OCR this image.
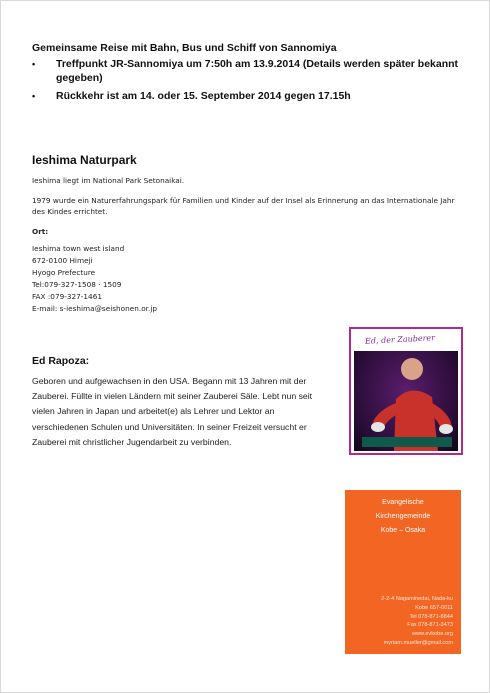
Gemeinsame Reise mit Bahn, Bus und Schiff von Sannomiya
• Treffpunkt JR-Sannomiya um 7:50h am 13.9.2014 (Details werden später bekannt gegeben)
• Rückkehr ist am 14. oder 15. September 2014 gegen 17.15h
Ieshima Naturpark
Ieshima liegt im National Park Setonaikai.
1979 wurde ein Naturerfahrungspark für Familien und Kinder auf der Insel als Erinnerung an das Internationale Jahr des Kindes errichtet.
Ort:
Ieshima town west island
672-0100 Himeji
Hyogo Prefecture
Tel:079-327-1508 · 1509
FAX :079-327-1461
E-mail: s-ieshima@seishonen.or.jp
Ed Rapoza:
Geboren und aufgewachsen in den USA. Begann mit 13 Jahren mit der Zauberei. Füllte in vielen Ländern mit seiner Zauberei Säle. Lebt nun seit vielen Jahren in Japan und arbeitet(e) als Lehrer und Lektor an verschiedenen Schulen und Universitäten. In seiner Freizeit versucht er Zauberei mit christlicher Jugendarbeit zu verbinden.
Ed, der Zauberer
Evangelische
Kirchengemeinde
Kobe – Osaka
2-2-4 Nagaminedai, Nada-ku
Kobe 657-0011
Tel 078-871-8844
Fax 078-871-3473
www.evkobe.org
myriam.mueller@gmail.com
